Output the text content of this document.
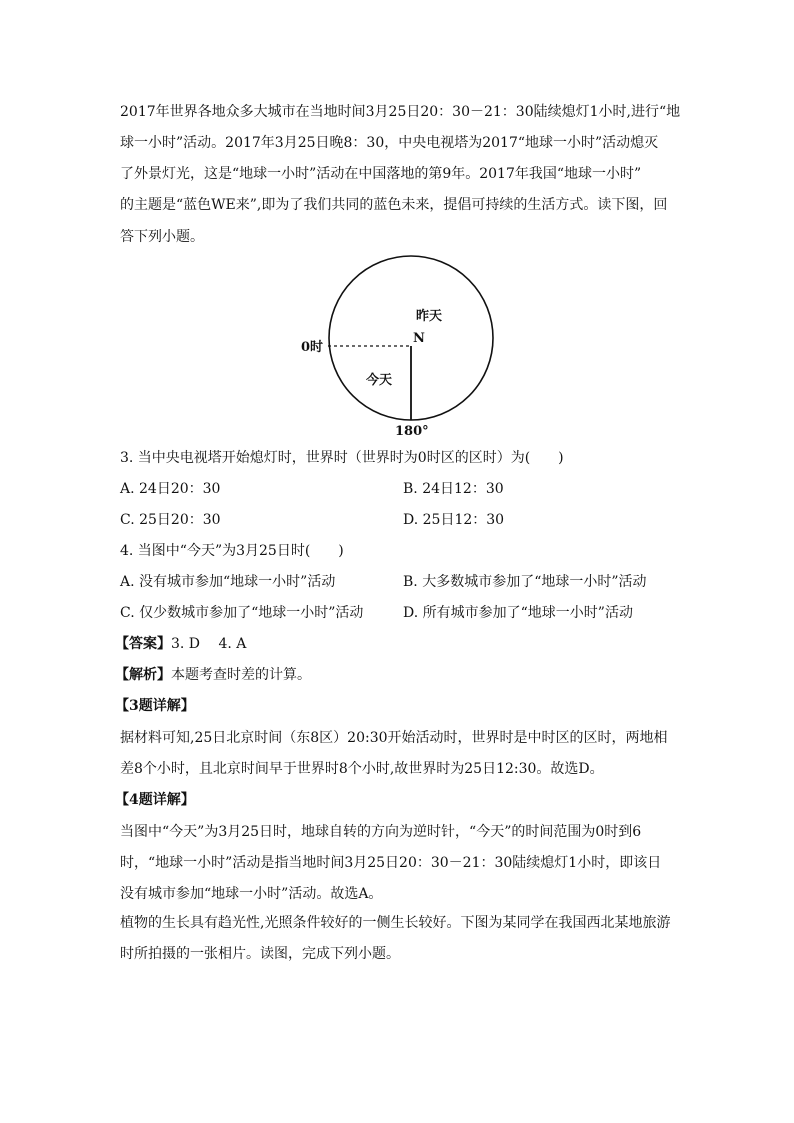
2017年世界各地众多大城市在当地时间3月25日20：30－21：30陆续熄灯1小时,进行“地
球一小时”活动。2017年3月25日晚8：30，中央电视塔为2017“地球一小时”活动熄灭
了外景灯光，这是“地球一小时”活动在中国落地的第9年。2017年我国“地球一小时”
的主题是“蓝色WE来”,即为了我们共同的蓝色未来，提倡可持续的生活方式。读下图，回
答下列小题。
昨天
N
0时
今天
180°
3. 当中央电视塔开始熄灯时，世界时（世界时为0时区的区时）为(　　)
A. 24日20：30	B. 24日12：30
C. 25日20：30	D. 25日12：30
4. 当图中“今天”为3月25日时(　　)
A. 没有城市参加“地球一小时”活动	B. 大多数城市参加了“地球一小时”活动
C. 仅少数城市参加了“地球一小时”活动	D. 所有城市参加了“地球一小时”活动
【答案】3. D　 4. A
【解析】本题考查时差的计算。
【3题详解】
据材料可知,25日北京时间（东8区）20:30开始活动时，世界时是中时区的区时，两地相
差8个小时，且北京时间早于世界时8个小时,故世界时为25日12:30。故选D。
【4题详解】
当图中“今天”为3月25日时，地球自转的方向为逆时针，“今天”的时间范围为0时到6
时，“地球一小时”活动是指当地时间3月25日20：30－21：30陆续熄灯1小时，即该日
没有城市参加“地球一小时”活动。故选A。
植物的生长具有趋光性,光照条件较好的一侧生长较好。下图为某同学在我国西北某地旅游
时所拍摄的一张相片。读图，完成下列小题。
